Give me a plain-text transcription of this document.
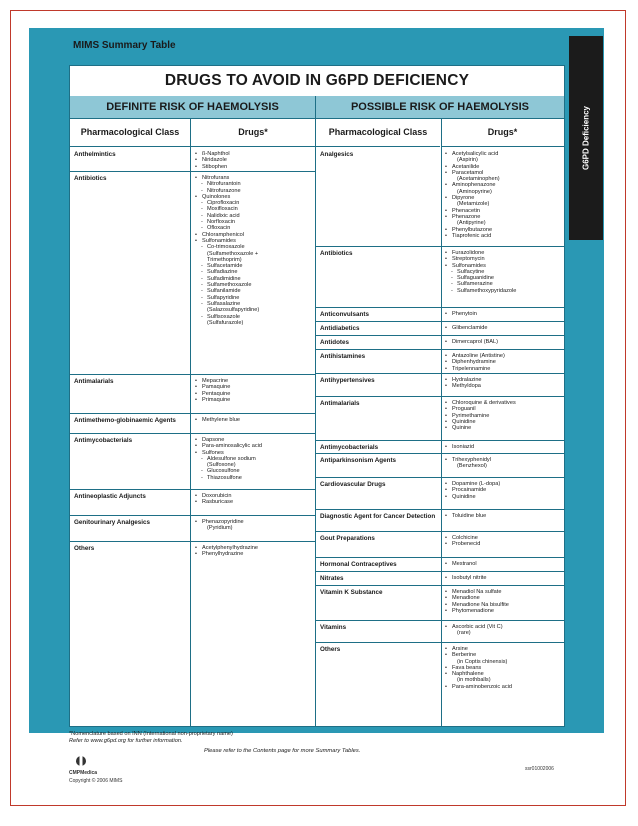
MIMS Summary Table
G6PD Deficiency
DRUGS TO AVOID IN G6PD DEFICIENCY
DEFINITE RISK OF HAEMOLYSIS	POSSIBLE RISK OF HAEMOLYSIS
Pharmacological Class	Drugs*	Pharmacological Class	Drugs*
Anthelmintics	• ß-Naphthol
• Niridazole
• Stibophen
Antibiotics	• Nitrofurans
- Nitrofurantoin
- Nitrofurazone
• Quinolones
- Ciprofloxacin
- Moxifloxacin
- Nalidixic acid
- Norfloxacin
- Ofloxacin
• Chloramphenicol
• Sulfonamides
- Co-trimoxazole
(Sulfamethoxazole +
Trimethoprim)
- Sulfacetamide
- Sulfadiazine
- Sulfadimidine
- Sulfamethoxazole
- Sulfanilamide
- Sulfapyridine
- Sulfasalazine
(Salazosulfapyridine)
- Sulfisoxazole
(Sulfafurazole)
Antimalarials	• Mepacrine
• Pamaquine
• Pentaquine
• Primaquine
Antimethemo-globinaemic Agents	• Methylene blue
Antimycobacterials	• Dapsone
• Para-aminosalicylic acid
• Sulfones
- Aldesulfone sodium
(Sulfoxone)
- Glucosulfone
- Thiazosulfone
Antineoplastic Adjuncts	• Doxorubicin
• Rasburicase
Genitourinary Analgesics	• Phenazopyridine
(Pyridium)
Others	• Acetylphenylhydrazine
• Phenylhydrazine
Analgesics	• Acetylsalicylic acid
(Aspirin)
• Acetanilide
• Paracetamol
(Acetaminophen)
• Aminophenazone
(Aminopyrine)
• Dipyrone
(Metamizole)
• Phenacetin
• Phenazone
(Antipyrine)
• Phenylbutazone
• Tiaprofenic acid
Antibiotics	• Furazolidone
• Streptomycin
• Sulfonamides
- Sulfacytine
- Sulfaguanidine
- Sulfamerazine
- Sulfamethoxypyridazole
Anticonvulsants	• Phenytoin
Antidiabetics	• Glibenclamide
Antidotes	• Dimercaprol (BAL)
Antihistamines	• Antazoline (Antistine)
• Diphenhydramine
• Tripelennamine
Antihypertensives	• Hydralazine
• Methyldopa
Antimalarials	• Chloroquine & derivatives
• Proguanil
• Pyrimethamine
• Quinidine
• Quinine
Antimycobacterials	• Isoniazid
Antiparkinsonism Agents	• Trihexyphenidyl
(Benzhexol)
Cardiovascular Drugs	• Dopamine (L-dopa)
• Procainamide
• Quinidine
Diagnostic Agent for Cancer Detection	• Toluidine blue
Gout Preparations	• Colchicine
• Probenecid
Hormonal Contraceptives	• Mestranol
Nitrates	• Isobutyl nitrite
Vitamin K Substance	• Menadiol Na sulfate
• Menadione
• Menadione Na bisulfite
• Phytomenadione
Vitamins	• Ascorbic acid (Vit C)
(rare)
Others	• Arsine
• Berberine
(in Coptis chinensis)
• Fava beans
• Naphthalene
(in mothballs)
• Para-aminobenzoic acid
*Nomenclature based on INN (International non-proprietary name)
Refer to www.g6pd.org for further information.
Please refer to the Contents page for more Summary Tables.
CMPMedica
Copyright © 2006 MIMS
ssr01002006
